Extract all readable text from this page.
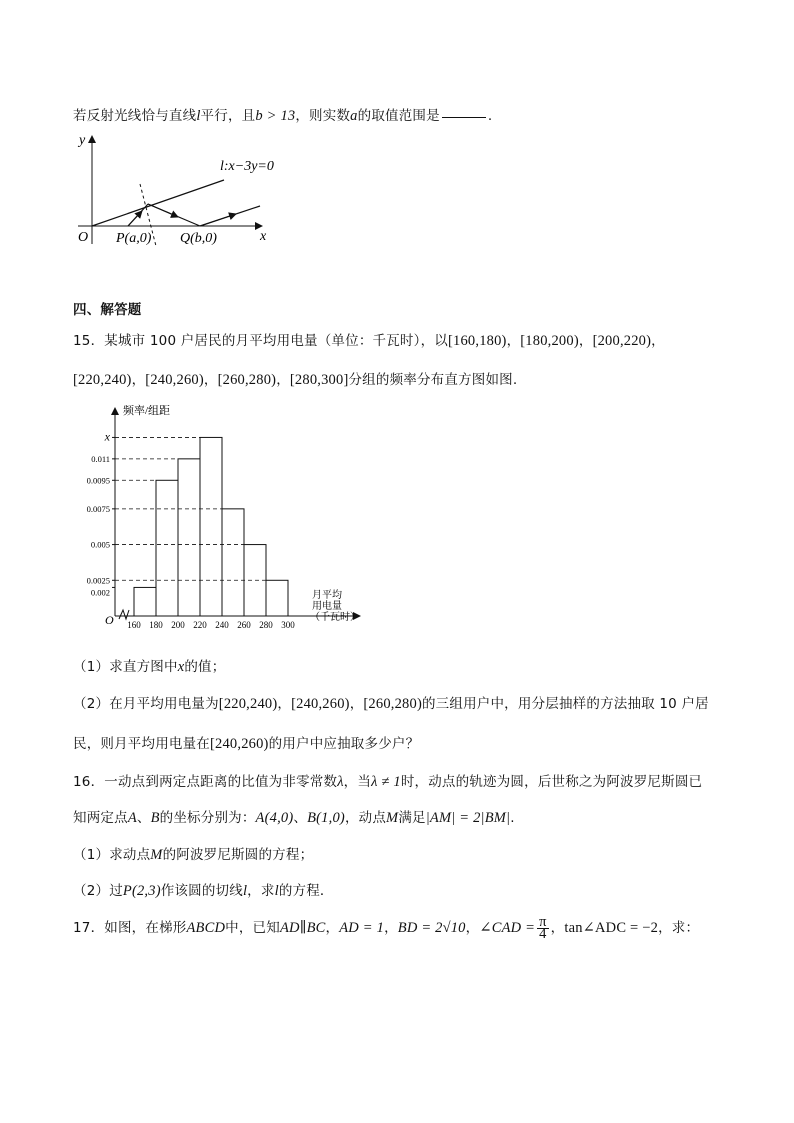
若反射光线恰与直线l平行，且b > 13，则实数a的取值范围是	.
y
x
O
l:x−3y=0
P(a,0) Q(b,0)
四、解答题
15．某城市 100 户居民的月平均用电量（单位：千瓦时），以[160,180)，[180,200)，[200,220)，
[220,240)，[240,260)，[260,280)，[280,300]分组的频率分布直方图如图.
O
频率/组距
0.002
0.0025
0.005
0.0075
0.0095
0.011
x
160 180 200 220 240 260 280 300
月平均
用电量
（千瓦时）
（1）求直方图中x的值；
（2）在月平均用电量为[220,240)，[240,260)，[260,280)的三组用户中，用分层抽样的方法抽取 10 户居
民，则月平均用电量在[240,260)的用户中应抽取多少户？
16．一动点到两定点距离的比值为非零常数λ，当λ ≠ 1时，动点的轨迹为圆，后世称之为阿波罗尼斯圆已
知两定点A、B的坐标分别为：A(4,0)、B(1,0)，动点M满足|AM| = 2|BM|.
（1）求动点M的阿波罗尼斯圆的方程；
（2）过P(2,3)作该圆的切线l，求l的方程．
17．如图，在梯形ABCD中，已知AD∥BC，AD = 1，BD = 2√10，∠CAD = $\frac{\pi}{4}$ ，tan∠ADC = −2，求：
